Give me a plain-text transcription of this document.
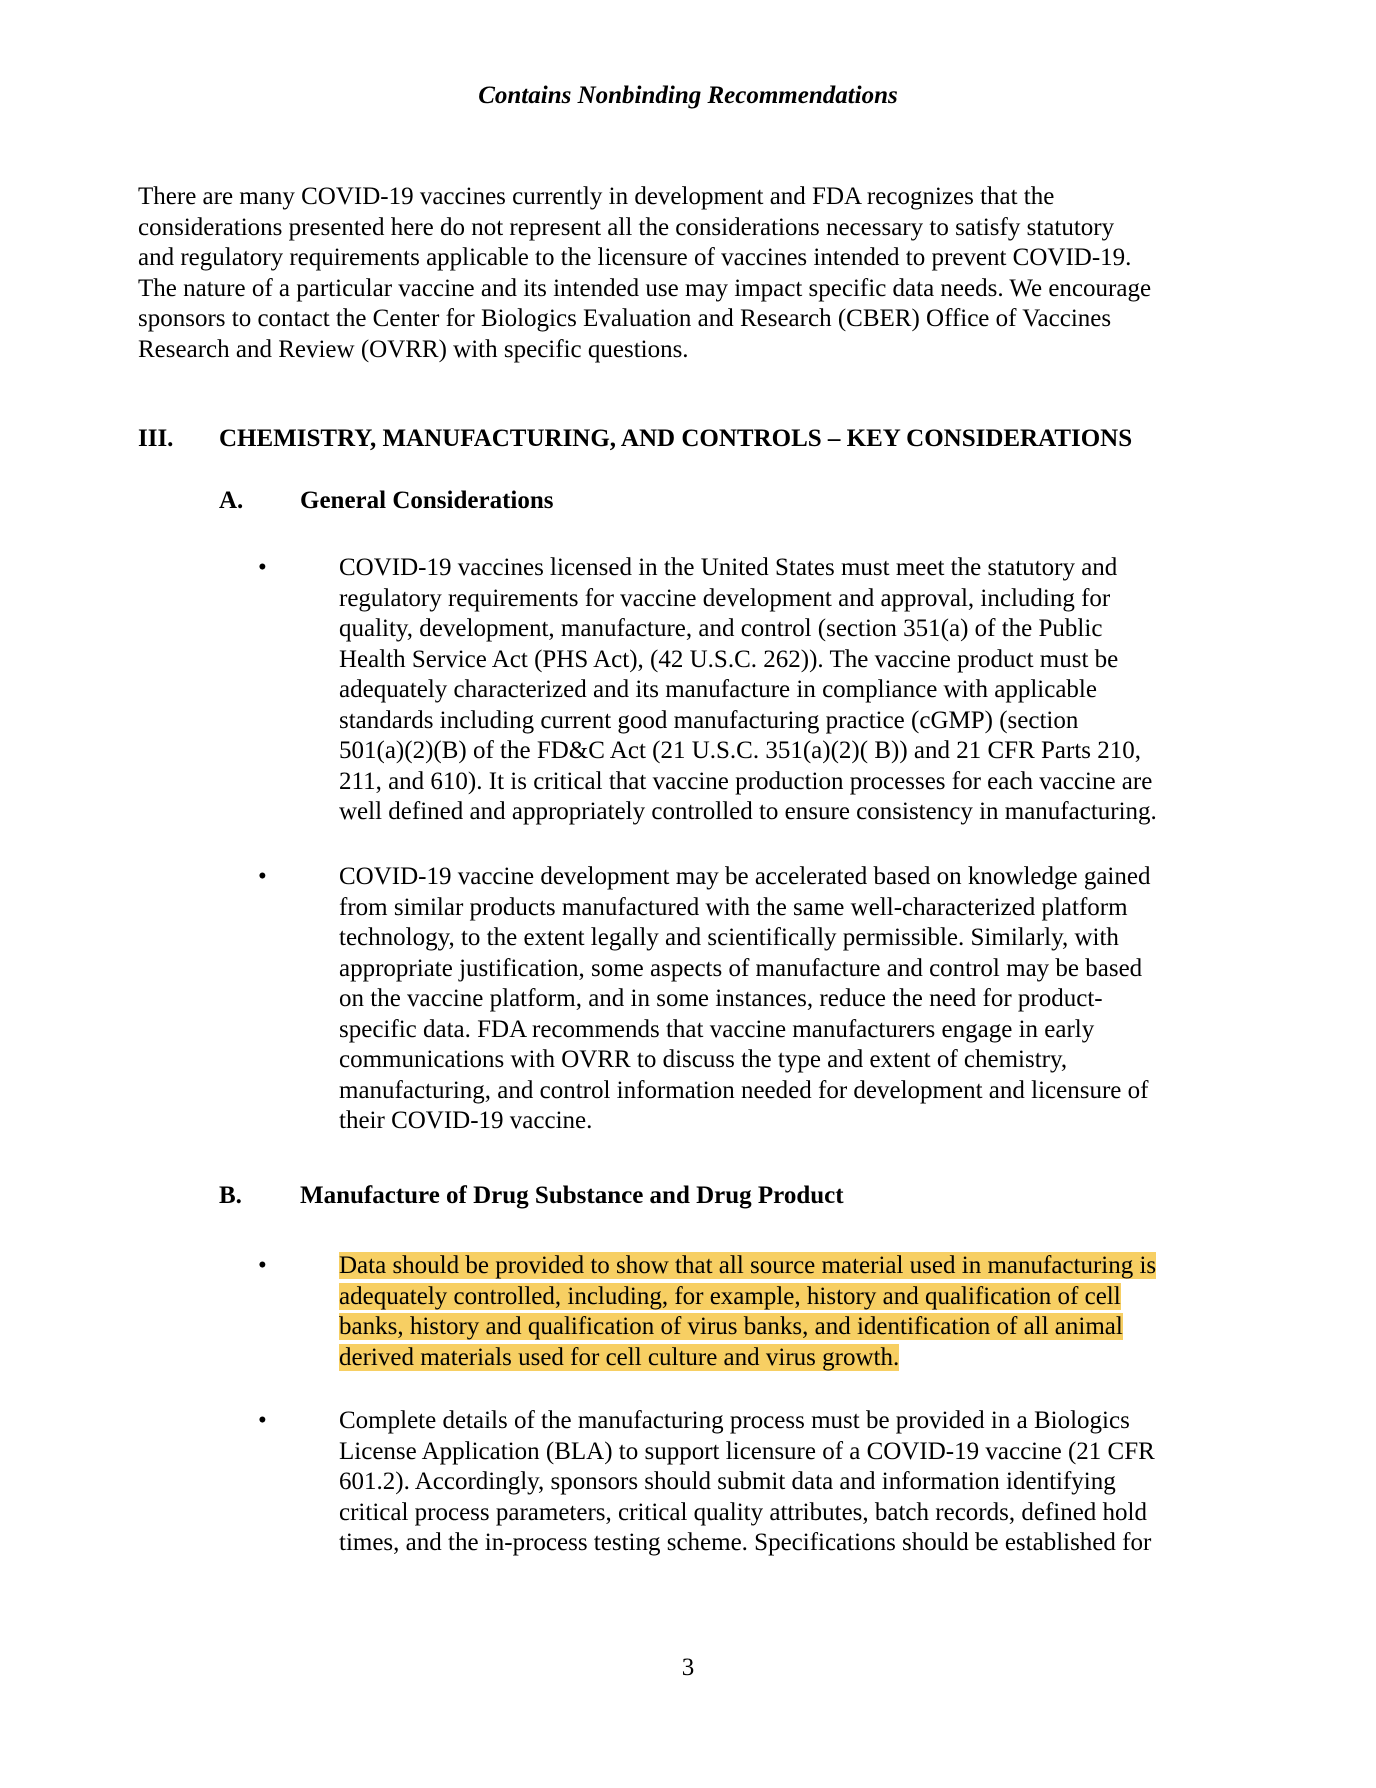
Contains Nonbinding Recommendations
There are many COVID-19 vaccines currently in development and FDA recognizes that the
considerations presented here do not represent all the considerations necessary to satisfy statutory
and regulatory requirements applicable to the licensure of vaccines intended to prevent COVID-19.
The nature of a particular vaccine and its intended use may impact specific data needs. We encourage
sponsors to contact the Center for Biologics Evaluation and Research (CBER) Office of Vaccines
Research and Review (OVRR) with specific questions.
III. CHEMISTRY, MANUFACTURING, AND CONTROLS – KEY CONSIDERATIONS
A. General Considerations
•	COVID-19 vaccines licensed in the United States must meet the statutory and
regulatory requirements for vaccine development and approval, including for
quality, development, manufacture, and control (section 351(a) of the Public
Health Service Act (PHS Act), (42 U.S.C. 262)). The vaccine product must be
adequately characterized and its manufacture in compliance with applicable
standards including current good manufacturing practice (cGMP) (section
501(a)(2)(B) of the FD&C Act (21 U.S.C. 351(a)(2)( B)) and 21 CFR Parts 210,
211, and 610). It is critical that vaccine production processes for each vaccine are
well defined and appropriately controlled to ensure consistency in manufacturing.
•	COVID-19 vaccine development may be accelerated based on knowledge gained
from similar products manufactured with the same well-characterized platform
technology, to the extent legally and scientifically permissible. Similarly, with
appropriate justification, some aspects of manufacture and control may be based
on the vaccine platform, and in some instances, reduce the need for product-
specific data. FDA recommends that vaccine manufacturers engage in early
communications with OVRR to discuss the type and extent of chemistry,
manufacturing, and control information needed for development and licensure of
their COVID-19 vaccine.
B. Manufacture of Drug Substance and Drug Product
•	Data should be provided to show that all source material used in manufacturing is
adequately controlled, including, for example, history and qualification of cell
banks, history and qualification of virus banks, and identification of all animal
derived materials used for cell culture and virus growth.
•	Complete details of the manufacturing process must be provided in a Biologics
License Application (BLA) to support licensure of a COVID-19 vaccine (21 CFR
601.2). Accordingly, sponsors should submit data and information identifying
critical process parameters, critical quality attributes, batch records, defined hold
times, and the in-process testing scheme. Specifications should be established for
3
